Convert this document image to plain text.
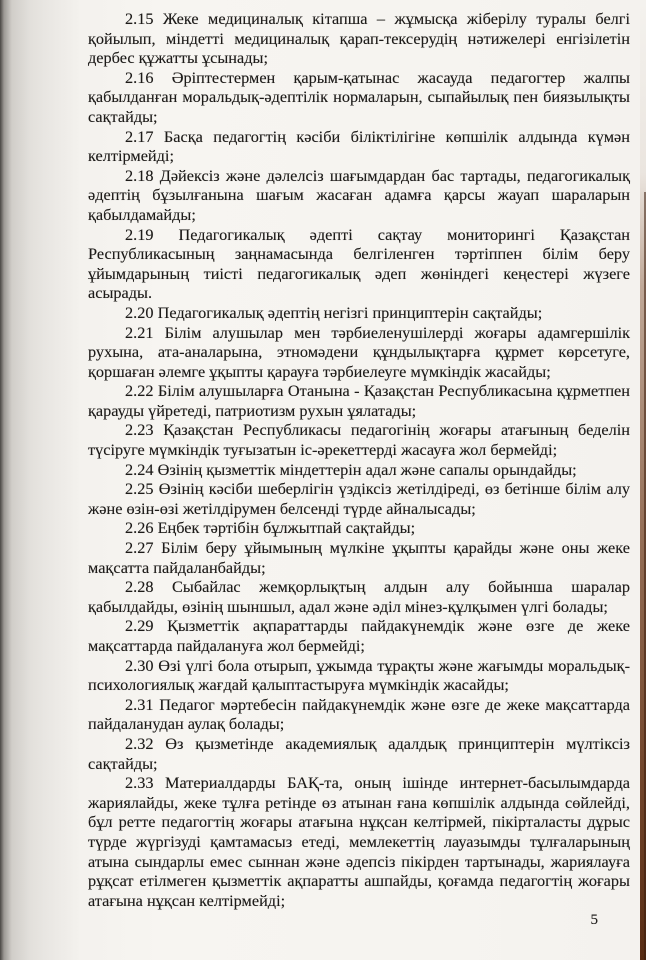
2.15 Жеке медициналық кітапша – жұмысқа жіберілу туралы белгі қойылып, міндетті медициналық қарап-тексерудің нәтижелері енгізілетін дербес құжатты ұсынады;

2.16 Әріптестермен қарым-қатынас жасауда педагогтер жалпы қабылданған моральдық-әдептілік нормаларын, сыпайылық пен биязылықты сақтайды;

2.17 Басқа педагогтің кәсіби біліктілігіне көпшілік алдында күмән келтірмейді;

2.18 Дәйексіз және дәлелсіз шағымдардан бас тартады, педагогикалық әдептің бұзылғанына шағым жасаған адамға қарсы жауап шараларын қабылдамайды;

2.19 Педагогикалық әдепті сақтау мониторингі Қазақстан Республикасының заңнамасында белгіленген тәртіппен білім беру ұйымдарының тиісті педагогикалық әдеп жөніндегі кеңестері жүзеге асырады.

2.20 Педагогикалық әдептің негізгі принциптерін сақтайды;

2.21 Білім алушылар мен тәрбиеленушілерді жоғары адамгершілік рухына, ата-аналарына, этномәдени құндылықтарға құрмет көрсетуге, қоршаған әлемге ұқыпты қарауға тәрбиелеуге мүмкіндік жасайды;

2.22 Білім алушыларға Отанына - Қазақстан Республикасына құрметпен қарауды үйретеді, патриотизм рухын ұялатады;

2.23 Қазақстан Республикасы педагогінің жоғары атағының беделін түсіруге мүмкіндік туғызатын іс-әрекеттерді жасауға жол бермейді;

2.24 Өзінің қызметтік міндеттерін адал және сапалы орындайды;

2.25 Өзінің кәсіби шеберлігін үздіксіз жетілдіреді, өз бетінше білім алу және өзін-өзі жетілдірумен белсенді түрде айналысады;

2.26 Еңбек тәртібін бұлжытпай сақтайды;

2.27 Білім беру ұйымының мүлкіне ұқыпты қарайды және оны жеке мақсатта пайдаланбайды;

2.28 Сыбайлас жемқорлықтың алдын алу бойынша шаралар қабылдайды, өзінің шыншыл, адал және әділ мінез-құлқымен үлгі болады;

2.29 Қызметтік ақпараттарды пайдакүнемдік және өзге де жеке мақсаттарда пайдалануға жол бермейді;

2.30 Өзі үлгі бола отырып, ұжымда тұрақты және жағымды моральдық-психологиялық жағдай қалыптастыруға мүмкіндік жасайды;

2.31 Педагог мәртебесін пайдакүнемдік және өзге де жеке мақсаттарда пайдаланудан аулақ болады;

2.32 Өз қызметінде академиялық адалдық принциптерін мүлтіксіз сақтайды;

2.33 Материалдарды БАҚ-та, оның ішінде интернет-басылымдарда жариялайды, жеке тұлға ретінде өз атынан ғана көпшілік алдында сөйлейді, бұл ретте педагогтің жоғары атағына нұқсан келтірмей, пікірталасты дұрыс түрде жүргізуді қамтамасыз етеді, мемлекеттің лауазымды тұлғаларының атына сындарлы емес сыннан және әдепсіз пікірден тартынады, жариялауға рұқсат етілмеген қызметтік ақпаратты ашпайды, қоғамда педагогтің жоғары атағына нұқсан келтірмейді;

5
